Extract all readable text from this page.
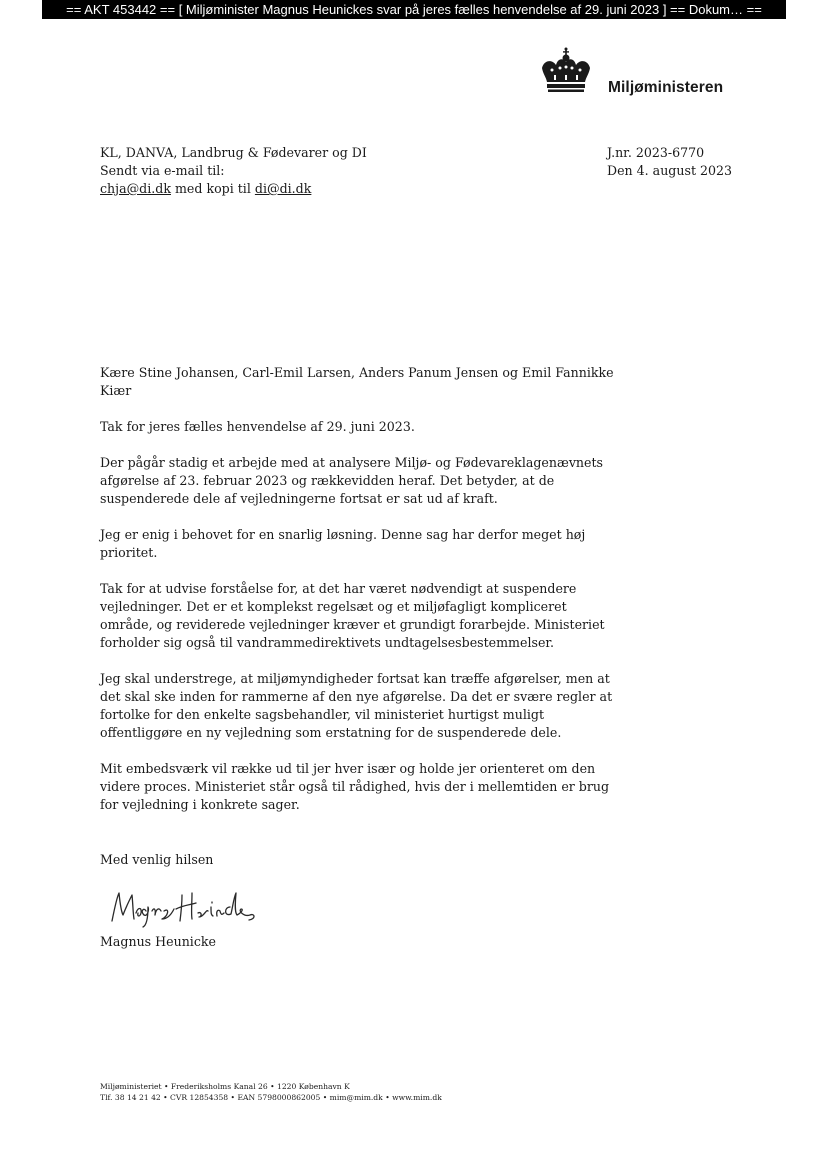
== AKT 453442 == [ Miljøminister Magnus Heunickes svar på jeres fælles henvendelse af 29. juni 2023 ] == Dokum… ==
Miljøministeren
KL, DANVA, Landbrug & Fødevarer og DI
Sendt via e-mail til:
chja@di.dk med kopi til di@di.dk
J.nr. 2023-6770
Den 4. august 2023

Kære Stine Johansen, Carl-Emil Larsen, Anders Panum Jensen og Emil Fannikke Kiær

Tak for jeres fælles henvendelse af 29. juni 2023.

Der pågår stadig et arbejde med at analysere Miljø- og Fødevareklagenævnets afgørelse af 23. februar 2023 og rækkevidden heraf. Det betyder, at de suspenderede dele af vejledningerne fortsat er sat ud af kraft.

Jeg er enig i behovet for en snarlig løsning. Denne sag har derfor meget høj prioritet.

Tak for at udvise forståelse for, at det har været nødvendigt at suspendere vejledninger. Det er et komplekst regelsæt og et miljøfagligt kompliceret område, og reviderede vejledninger kræver et grundigt forarbejde. Ministeriet forholder sig også til vandrammedirektivets undtagelsesbestemmelser.

Jeg skal understrege, at miljømyndigheder fortsat kan træffe afgørelser, men at det skal ske inden for rammerne af den nye afgørelse. Da det er svære regler at fortolke for den enkelte sagsbehandler, vil ministeriet hurtigst muligt offentliggøre en ny vejledning som erstatning for de suspenderede dele.

Mit embedsværk vil række ud til jer hver især og holde jer orienteret om den videre proces. Ministeriet står også til rådighed, hvis der i mellemtiden er brug for vejledning i konkrete sager.

Med venlig hilsen
Magnus Heunicke
Miljøministeriet • Frederiksholms Kanal 26 • 1220 København K
Tlf. 38 14 21 42 • CVR 12854358 • EAN 5798000862005 • mim@mim.dk • www.mim.dk
